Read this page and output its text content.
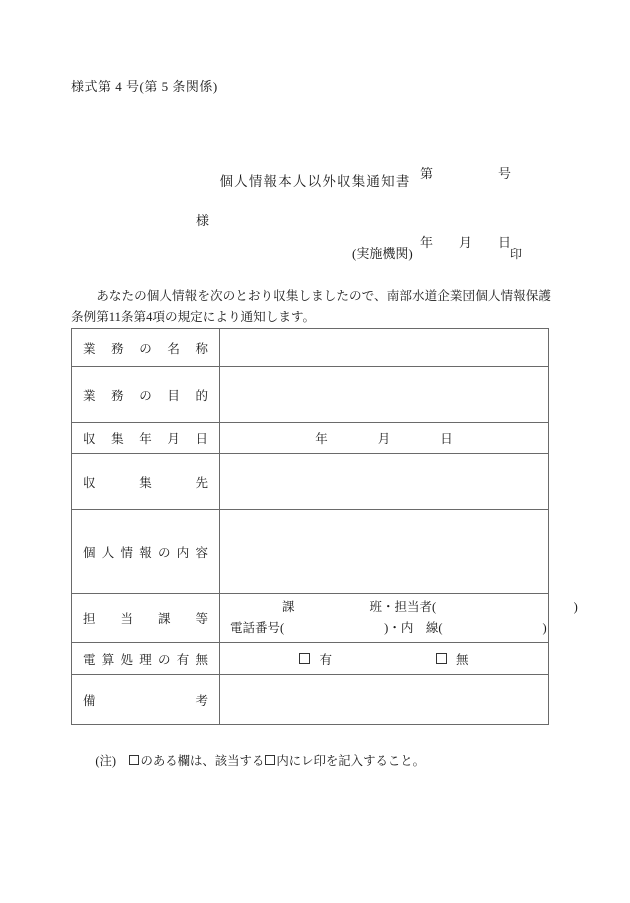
様式第 4 号(第 5 条関係)

第　　　　　号

年　　月　　日

個人情報本人以外収集通知書
様
(実施機関)	印
あなたの個人情報を次のとおり収集しましたので、南部水道企業団個人情報保護条例第11条第4項の規定により通知します。
業務の名称	
業務の目的	
収集年月日	年　　　　月　　　　日

収集先	
個人情報の内容	
担当課等	課　　　　　　班・担当者(　　　　　　　　　　　)
電話番号(　　　　　　　　)・内　線(　　　　　　　　)

電算処理の有無	有 無

備考	

(注)　のある欄は、該当する 内にレ印を記入すること。
